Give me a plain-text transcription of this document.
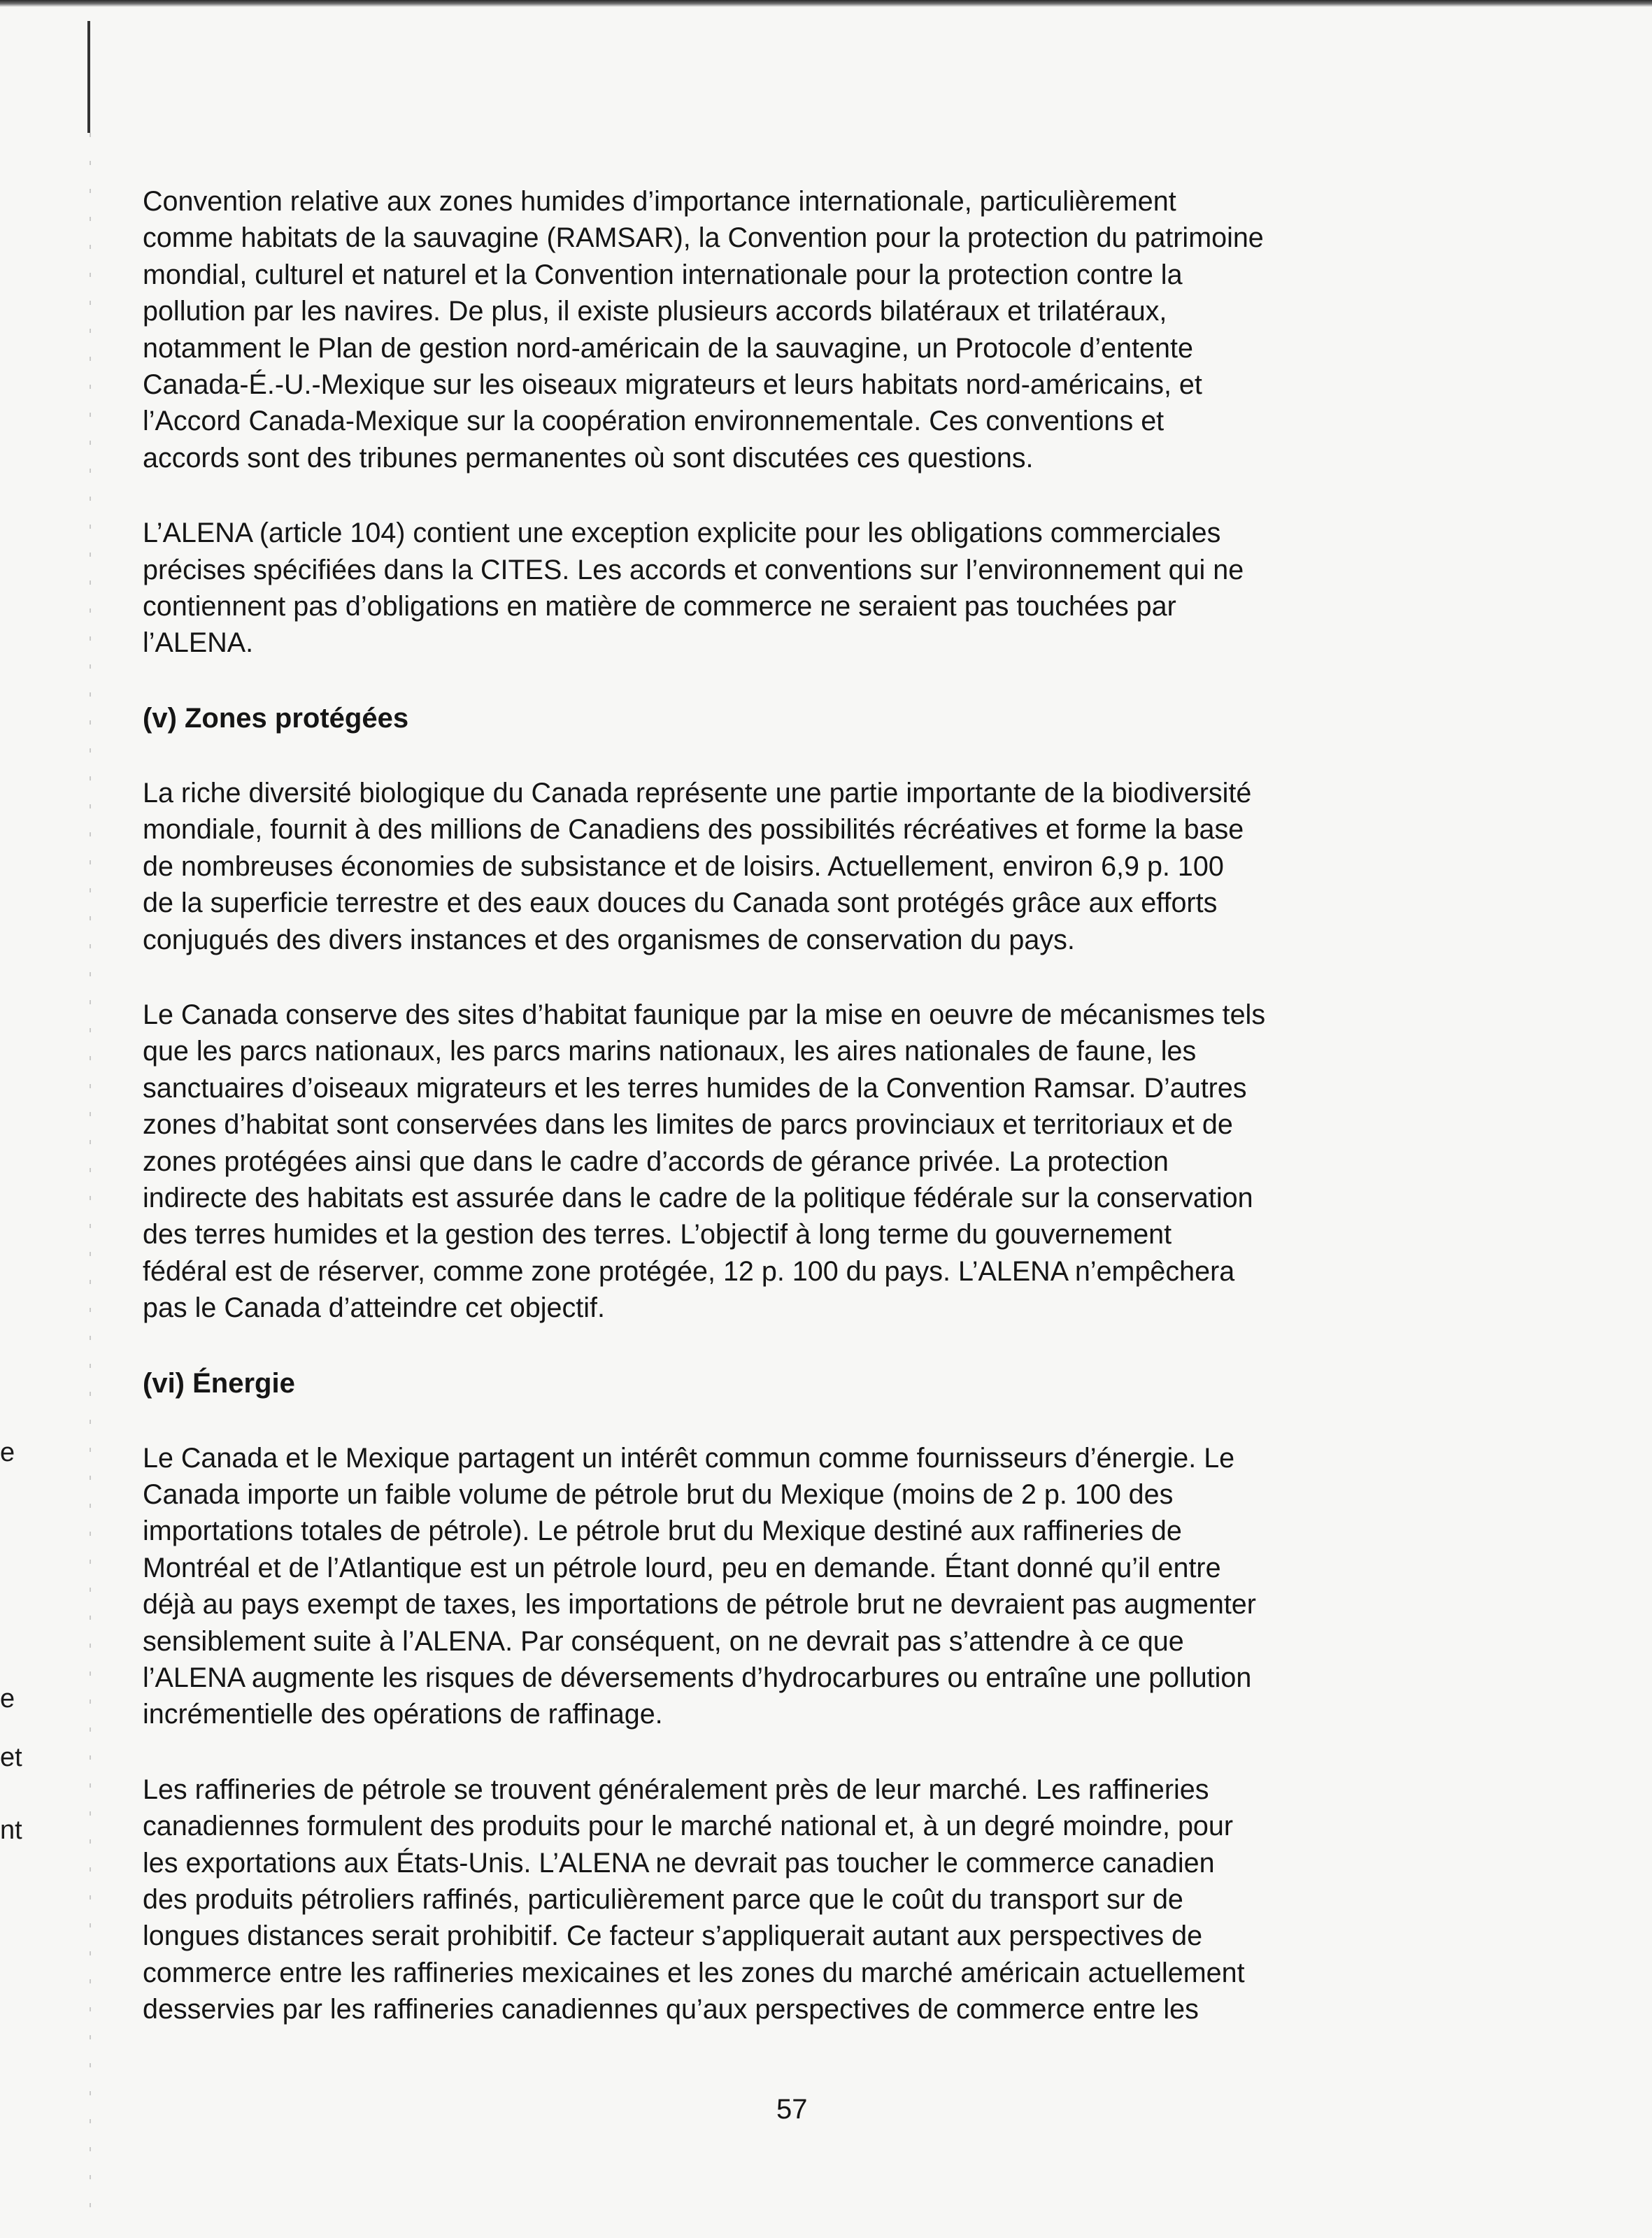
e
e
et
nt
Convention relative aux zones humides d’importance internationale, particulièrement
comme habitats de la sauvagine (RAMSAR), la Convention pour la protection du patrimoine
mondial, culturel et naturel et la Convention internationale pour la protection contre la
pollution par les navires. De plus, il existe plusieurs accords bilatéraux et trilatéraux,
notamment le Plan de gestion nord-américain de la sauvagine, un Protocole d’entente
Canada-É.-U.-Mexique sur les oiseaux migrateurs et leurs habitats nord-américains, et
l’Accord Canada-Mexique sur la coopération environnementale. Ces conventions et
accords sont des tribunes permanentes où sont discutées ces questions.
L’ALENA (article 104) contient une exception explicite pour les obligations commerciales
précises spécifiées dans la CITES. Les accords et conventions sur l’environnement qui ne
contiennent pas d’obligations en matière de commerce ne seraient pas touchées par
l’ALENA.
(v) Zones protégées
La riche diversité biologique du Canada représente une partie importante de la biodiversité
mondiale, fournit à des millions de Canadiens des possibilités récréatives et forme la base
de nombreuses économies de subsistance et de loisirs. Actuellement, environ 6,9 p. 100
de la superficie terrestre et des eaux douces du Canada sont protégés grâce aux efforts
conjugués des divers instances et des organismes de conservation du pays.
Le Canada conserve des sites d’habitat faunique par la mise en oeuvre de mécanismes tels
que les parcs nationaux, les parcs marins nationaux, les aires nationales de faune, les
sanctuaires d’oiseaux migrateurs et les terres humides de la Convention Ramsar. D’autres
zones d’habitat sont conservées dans les limites de parcs provinciaux et territoriaux et de
zones protégées ainsi que dans le cadre d’accords de gérance privée. La protection
indirecte des habitats est assurée dans le cadre de la politique fédérale sur la conservation
des terres humides et la gestion des terres. L’objectif à long terme du gouvernement
fédéral est de réserver, comme zone protégée, 12 p. 100 du pays. L’ALENA n’empêchera
pas le Canada d’atteindre cet objectif.
(vi) Énergie
Le Canada et le Mexique partagent un intérêt commun comme fournisseurs d’énergie. Le
Canada importe un faible volume de pétrole brut du Mexique (moins de 2 p. 100 des
importations totales de pétrole). Le pétrole brut du Mexique destiné aux raffineries de
Montréal et de l’Atlantique est un pétrole lourd, peu en demande. Étant donné qu’il entre
déjà au pays exempt de taxes, les importations de pétrole brut ne devraient pas augmenter
sensiblement suite à l’ALENA. Par conséquent, on ne devrait pas s’attendre à ce que
l’ALENA augmente les risques de déversements d’hydrocarbures ou entraîne une pollution
incrémentielle des opérations de raffinage.
Les raffineries de pétrole se trouvent généralement près de leur marché. Les raffineries
canadiennes formulent des produits pour le marché national et, à un degré moindre, pour
les exportations aux États-Unis. L’ALENA ne devrait pas toucher le commerce canadien
des produits pétroliers raffinés, particulièrement parce que le coût du transport sur de
longues distances serait prohibitif. Ce facteur s’appliquerait autant aux perspectives de
commerce entre les raffineries mexicaines et les zones du marché américain actuellement
desservies par les raffineries canadiennes qu’aux perspectives de commerce entre les
57
